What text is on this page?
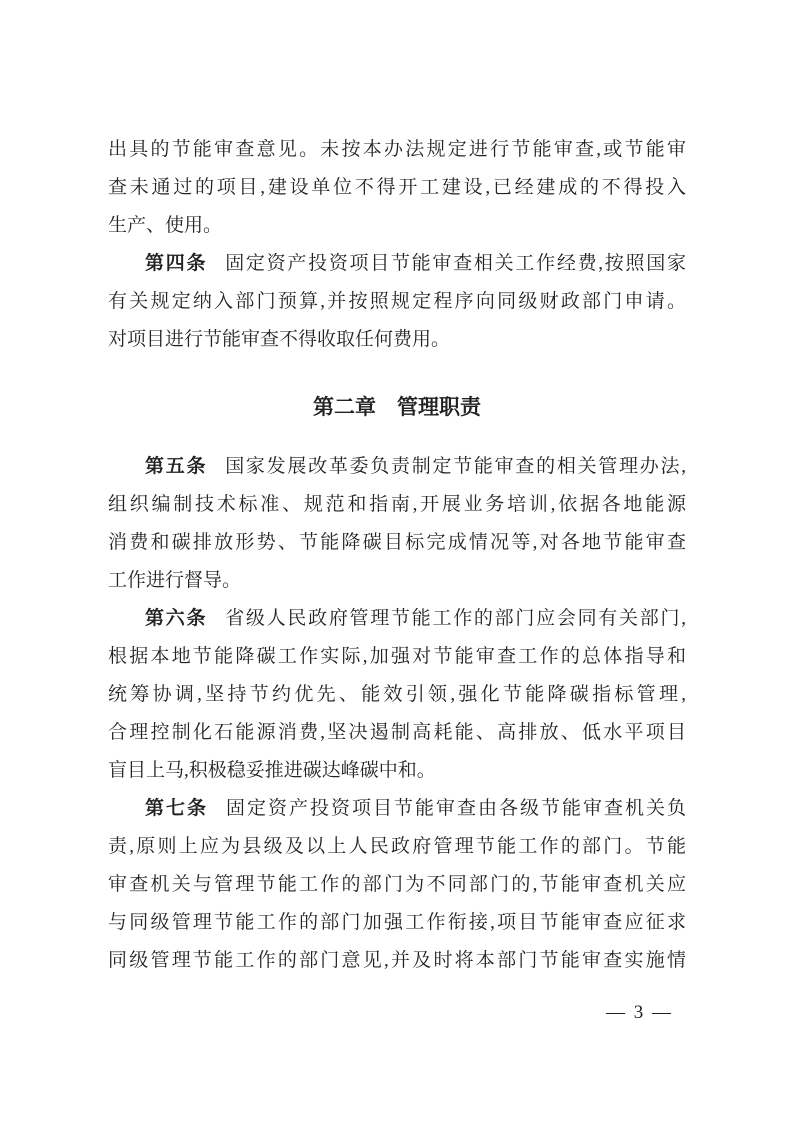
出具的节能审查意见。未按本办法规定进行节能审查,或节能审
查未通过的项目,建设单位不得开工建设,已经建成的不得投入
生产、使用。
第四条 固定资产投资项目节能审查相关工作经费,按照国家
有关规定纳入部门预算,并按照规定程序向同级财政部门申请。
对项目进行节能审查不得收取任何费用。
第二章　管理职责
第五条 国家发展改革委负责制定节能审查的相关管理办法,
组织编制技术标准、规范和指南,开展业务培训,依据各地能源
消费和碳排放形势、节能降碳目标完成情况等,对各地节能审查
工作进行督导。
第六条 省级人民政府管理节能工作的部门应会同有关部门,
根据本地节能降碳工作实际,加强对节能审查工作的总体指导和
统筹协调,坚持节约优先、能效引领,强化节能降碳指标管理,
合理控制化石能源消费,坚决遏制高耗能、高排放、低水平项目
盲目上马,积极稳妥推进碳达峰碳中和。
第七条 固定资产投资项目节能审查由各级节能审查机关负
责,原则上应为县级及以上人民政府管理节能工作的部门。节能
审查机关与管理节能工作的部门为不同部门的,节能审查机关应
与同级管理节能工作的部门加强工作衔接,项目节能审查应征求
同级管理节能工作的部门意见,并及时将本部门节能审查实施情
— 3 —
